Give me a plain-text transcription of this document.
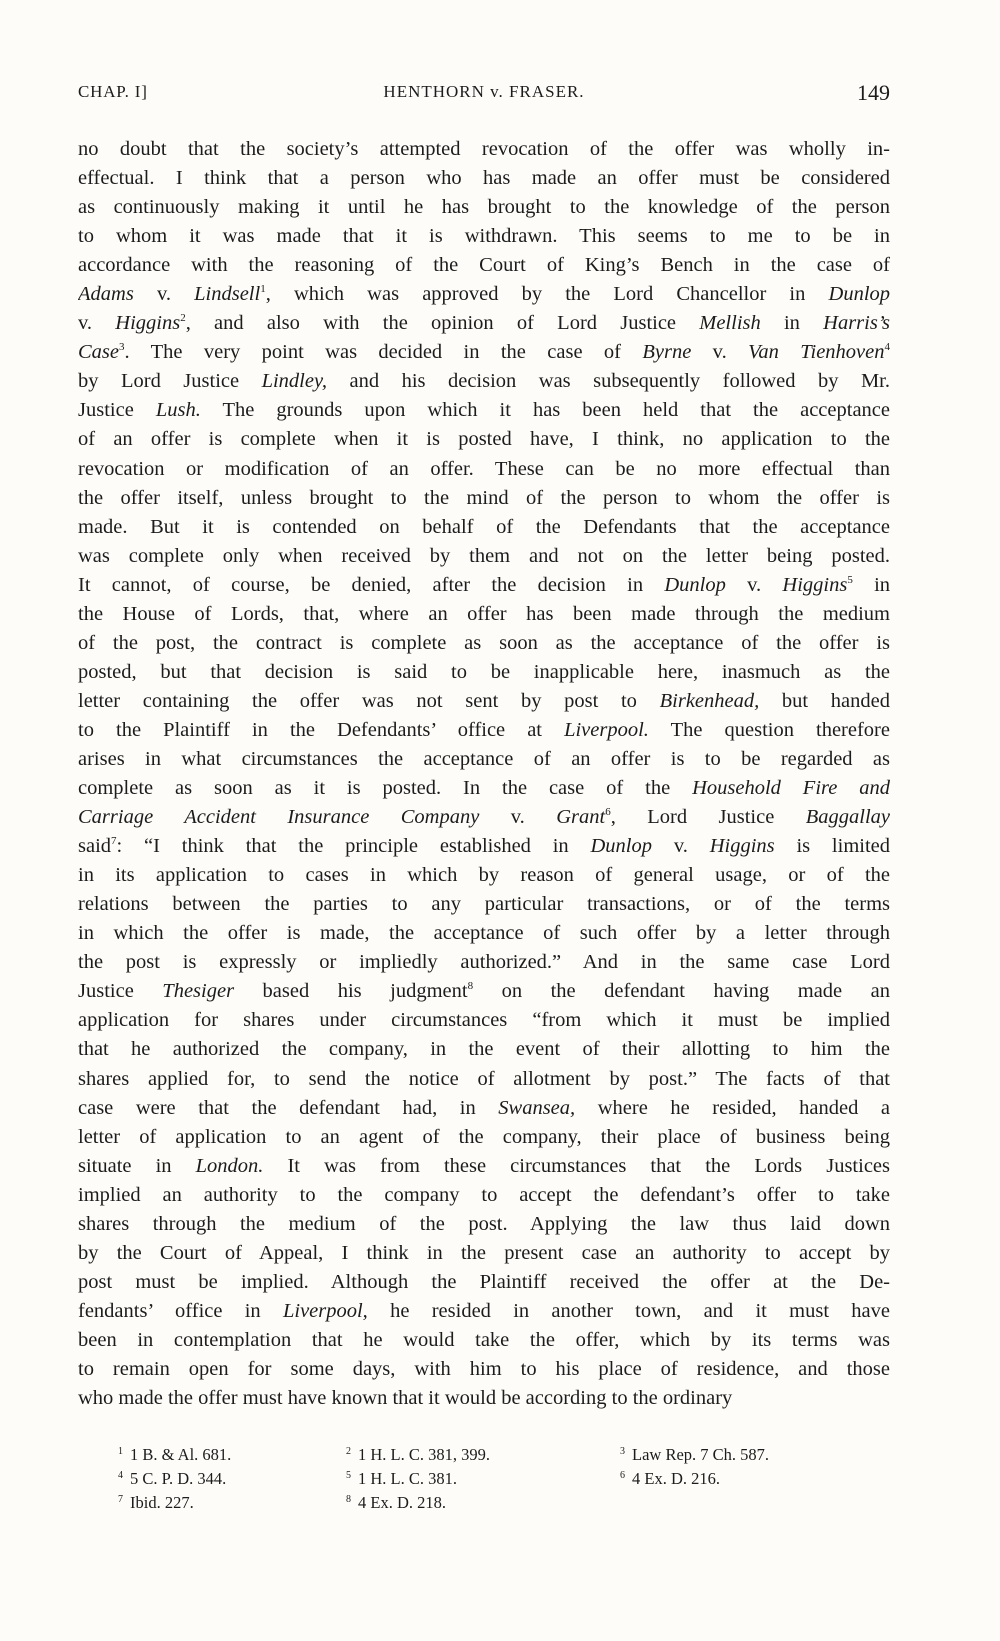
CHAP. I]	HENTHORN v. FRASER.	149
no doubt that the society’s attempted revocation of the offer was wholly in-
effectual. I think that a person who has made an offer must be considered
as continuously making it until he has brought to the knowledge of the person
to whom it was made that it is withdrawn. This seems to me to be in
accordance with the reasoning of the Court of King’s Bench in the case of
Adams v. Lindsell$^1$, which was approved by the Lord Chancellor in Dunlop
v. Higgins$^2$, and also with the opinion of Lord Justice Mellish in Harris’s
Case$^3$. The very point was decided in the case of Byrne v. Van Tienhoven$^4$
by Lord Justice Lindley, and his decision was subsequently followed by Mr.
Justice Lush. The grounds upon which it has been held that the acceptance
of an offer is complete when it is posted have, I think, no application to the
revocation or modification of an offer. These can be no more effectual than
the offer itself, unless brought to the mind of the person to whom the offer is
made. But it is contended on behalf of the Defendants that the acceptance
was complete only when received by them and not on the letter being posted.
It cannot, of course, be denied, after the decision in Dunlop v. Higgins$^5$ in
the House of Lords, that, where an offer has been made through the medium
of the post, the contract is complete as soon as the acceptance of the offer is
posted, but that decision is said to be inapplicable here, inasmuch as the
letter containing the offer was not sent by post to Birkenhead, but handed
to the Plaintiff in the Defendants’ office at Liverpool. The question therefore
arises in what circumstances the acceptance of an offer is to be regarded as
complete as soon as it is posted. In the case of the Household Fire and
Carriage Accident Insurance Company v. Grant$^6$, Lord Justice Baggallay
said$^7$: “I think that the principle established in Dunlop v. Higgins is limited
in its application to cases in which by reason of general usage, or of the
relations between the parties to any particular transactions, or of the terms
in which the offer is made, the acceptance of such offer by a letter through
the post is expressly or impliedly authorized.” And in the same case Lord
Justice Thesiger based his judgment$^8$ on the defendant having made an
application for shares under circumstances “from which it must be implied
that he authorized the company, in the event of their allotting to him the
shares applied for, to send the notice of allotment by post.” The facts of that
case were that the defendant had, in Swansea, where he resided, handed a
letter of application to an agent of the company, their place of business being
situate in London. It was from these circumstances that the Lords Justices
implied an authority to the company to accept the defendant’s offer to take
shares through the medium of the post. Applying the law thus laid down
by the Court of Appeal, I think in the present case an authority to accept by
post must be implied. Although the Plaintiff received the offer at the De-
fendants’ office in Liverpool, he resided in another town, and it must have
been in contemplation that he would take the offer, which by its terms was
to remain open for some days, with him to his place of residence, and those
who made the offer must have known that it would be according to the ordinary
$^1$ 1 B. & Al. 681.	$^2$ 1 H. L. C. 381, 399.	$^3$ Law Rep. 7 Ch. 587.
$^4$ 5 C. P. D. 344.	$^5$ 1 H. L. C. 381.	$^6$ 4 Ex. D. 216.
$^7$ Ibid. 227.	$^8$ 4 Ex. D. 218.
